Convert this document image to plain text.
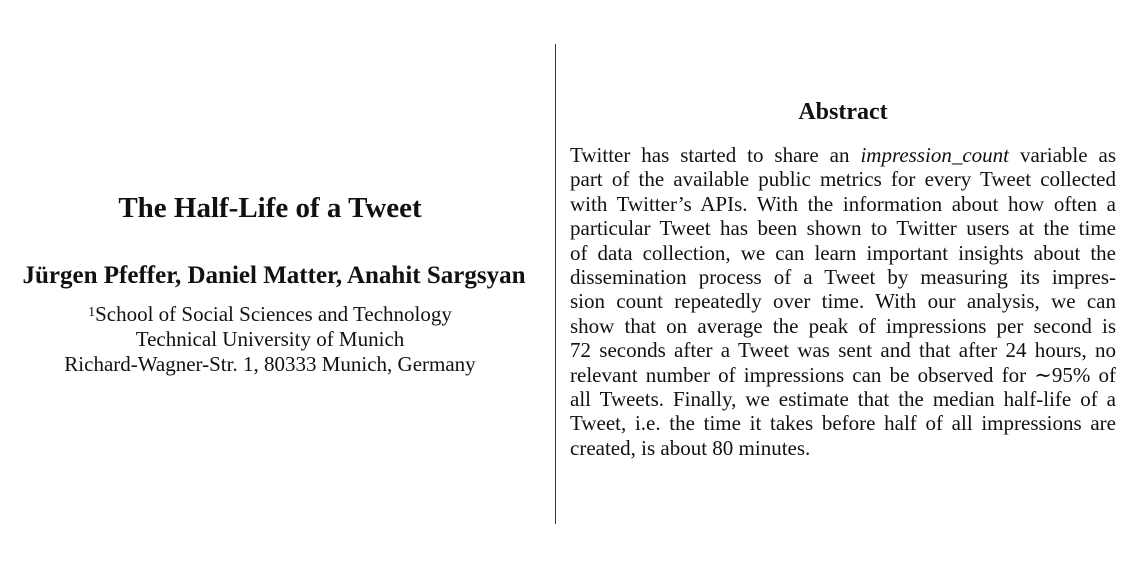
The Half-Life of a Tweet
Jürgen Pfeffer, Daniel Matter, Anahit Sargsyan
$^1$School of Social Sciences and Technology
Technical University of Munich
Richard-Wagner-Str. 1, 80333 Munich, Germany
Abstract
Twitter has started to share an impression_count variable as
part of the available public metrics for every Tweet collected
with Twitter’s APIs. With the information about how often a
particular Tweet has been shown to Twitter users at the time
of data collection, we can learn important insights about the
dissemination process of a Tweet by measuring its impres-
sion count repeatedly over time. With our analysis, we can
show that on average the peak of impressions per second is
72 seconds after a Tweet was sent and that after 24 hours, no
relevant number of impressions can be observed for ∼95% of
all Tweets. Finally, we estimate that the median half-life of a
Tweet, i.e. the time it takes before half of all impressions are
created, is about 80 minutes.
